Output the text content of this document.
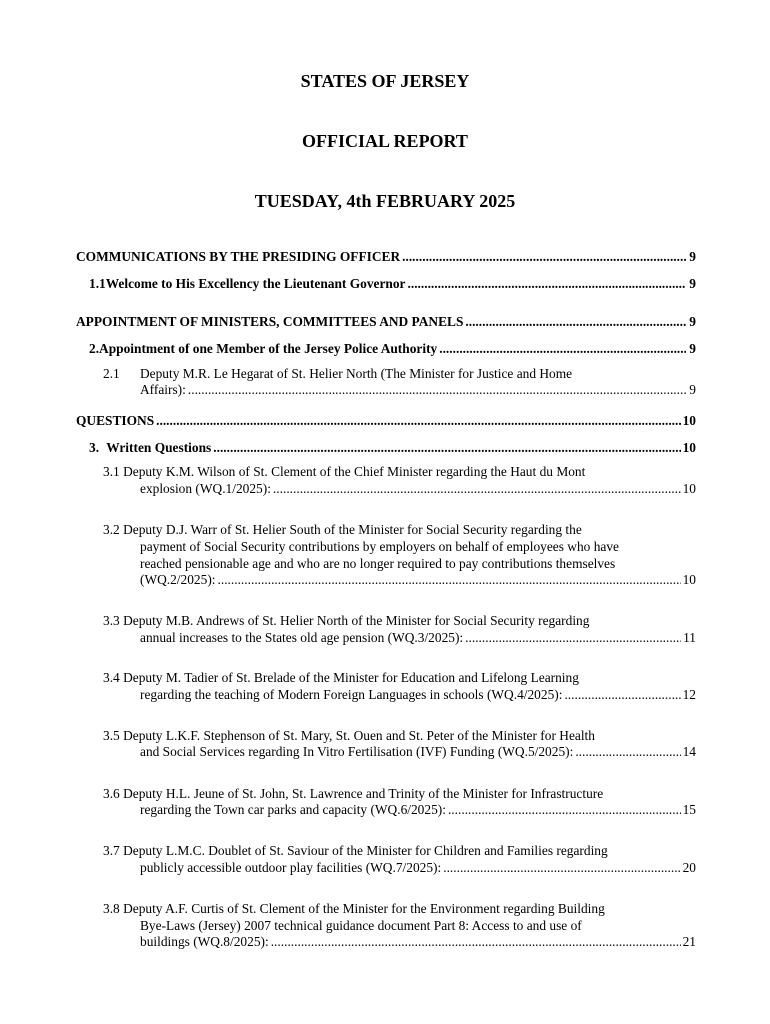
STATES OF JERSEY
OFFICIAL REPORT
TUESDAY, 4th FEBRUARY 2025
COMMUNICATIONS BY THE PRESIDING OFFICER .....	9
1.1 Welcome to His Excellency the Lieutenant Governor .....	9
APPOINTMENT OF MINISTERS, COMMITTEES AND PANELS .....	9
2. Appointment of one Member of the Jersey Police Authority .....	9
2.1 Deputy M.R. Le Hegarat of St. Helier North (The Minister for Justice and Home
Affairs): .....	9
QUESTIONS .....	10
3. Written Questions .....	10
3.1 Deputy K.M. Wilson of St. Clement of the Chief Minister regarding the Haut du Mont
explosion (WQ.1/2025): .....	10
3.2 Deputy D.J. Warr of St. Helier South of the Minister for Social Security regarding the
payment of Social Security contributions by employers on behalf of employees who have
reached pensionable age and who are no longer required to pay contributions themselves
(WQ.2/2025): .....	10
3.3 Deputy M.B. Andrews of St. Helier North of the Minister for Social Security regarding
annual increases to the States old age pension (WQ.3/2025): .....	11
3.4 Deputy M. Tadier of St. Brelade of the Minister for Education and Lifelong Learning
regarding the teaching of Modern Foreign Languages in schools (WQ.4/2025): .....	12
3.5 Deputy L.K.F. Stephenson of St. Mary, St. Ouen and St. Peter of the Minister for Health
and Social Services regarding In Vitro Fertilisation (IVF) Funding (WQ.5/2025): .....	14
3.6 Deputy H.L. Jeune of St. John, St. Lawrence and Trinity of the Minister for Infrastructure
regarding the Town car parks and capacity (WQ.6/2025): .....	15
3.7 Deputy L.M.C. Doublet of St. Saviour of the Minister for Children and Families regarding
publicly accessible outdoor play facilities (WQ.7/2025): .....	20
3.8 Deputy A.F. Curtis of St. Clement of the Minister for the Environment regarding Building
Bye-Laws (Jersey) 2007 technical guidance document Part 8: Access to and use of
buildings (WQ.8/2025): .....	21
